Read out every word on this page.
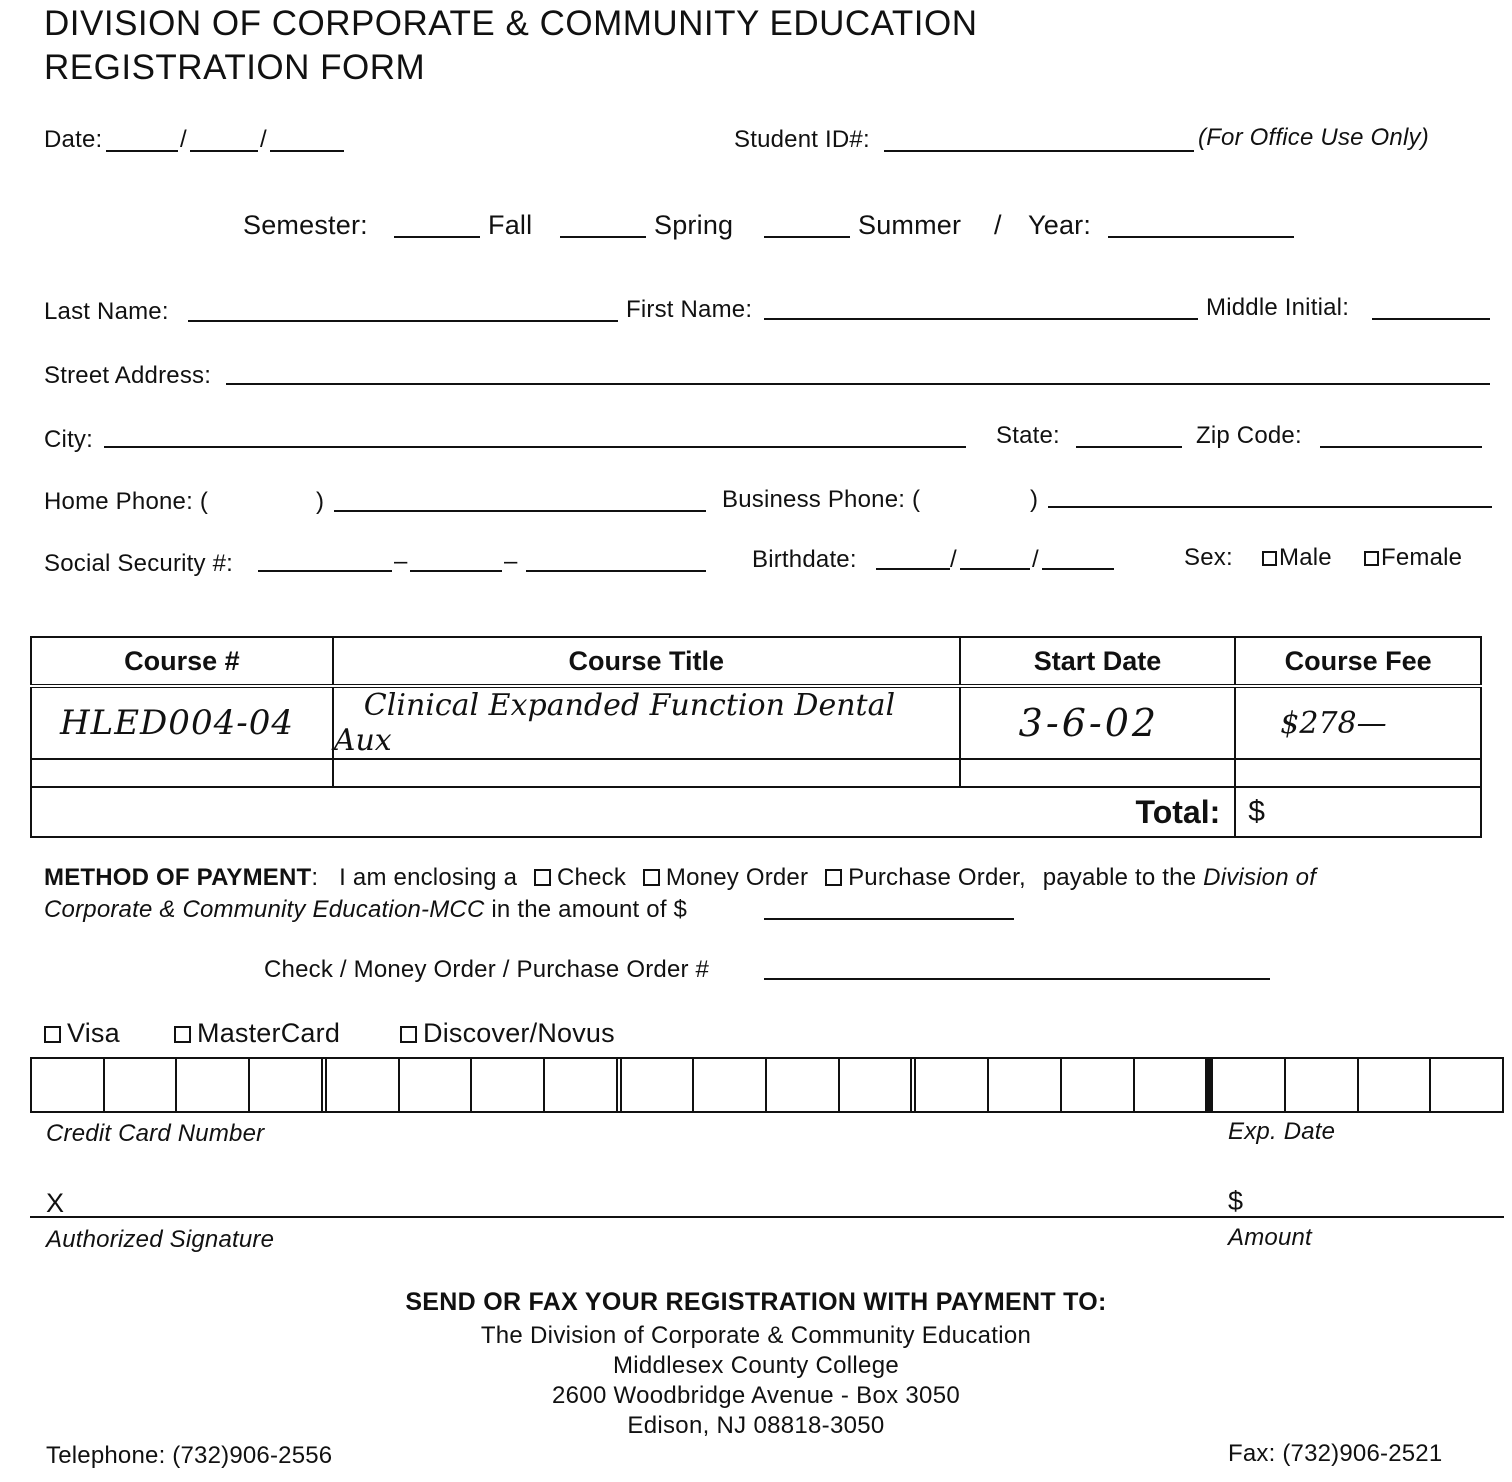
DIVISION OF CORPORATE & COMMUNITY EDUCATION
REGISTRATION FORM
Date:	/	/	Student ID#:	(For Office Use Only)
Semester:	Fall	Spring	Summer / Year:
Last Name:	First Name:	Middle Initial:
Street Address:
City:	State:	Zip Code:
Home Phone: (	)	Business Phone: (	)
Social Security #:	–	–	Birthdate:	/	/	Sex:	Male	Female
Course #	Course Title	Start Date	Course Fee
HLED004-04	Clinical Expanded Function Dental Aux	3-6-02	$278—

Total:			$
METHOD OF PAYMENT: I am enclosing a Check Money Order Purchase Order, payable to the Division of
Corporate & Community Education-MCC in the amount of $
Check / Money Order / Purchase Order #
Visa	MasterCard	Discover/Novus
Credit Card Number	Exp. Date
X	$
Authorized Signature	Amount
SEND OR FAX YOUR REGISTRATION WITH PAYMENT TO:
The Division of Corporate & Community Education
Middlesex County College
2600 Woodbridge Avenue - Box 3050
Edison, NJ 08818-3050
Telephone: (732)906-2556	Fax: (732)906-2521
